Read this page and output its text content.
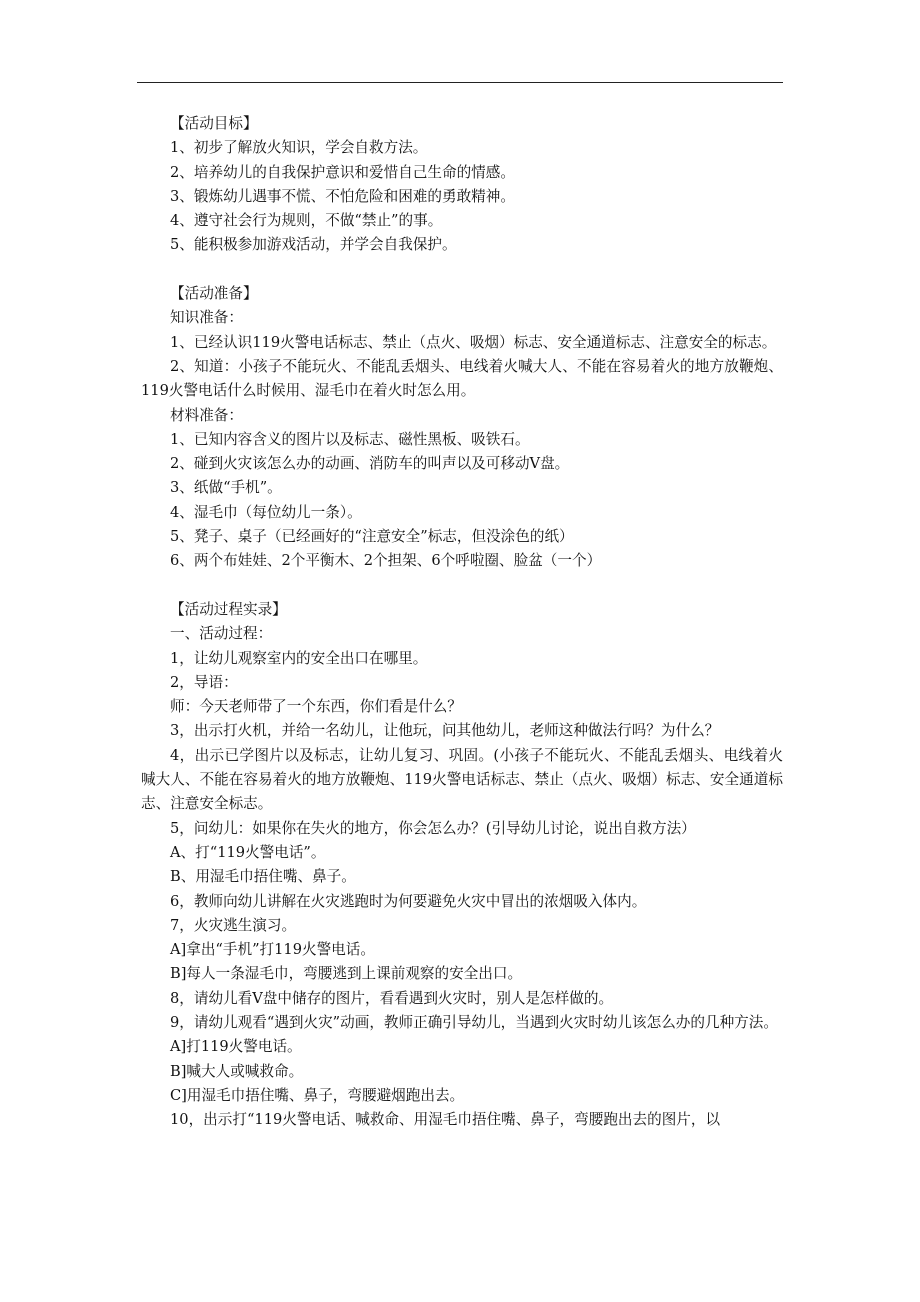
【活动目标】

1、初步了解放火知识，学会自救方法。

2、培养幼儿的自我保护意识和爱惜自己生命的情感。

3、锻炼幼儿遇事不慌、不怕危险和困难的勇敢精神。

4、遵守社会行为规则，不做“禁止”的事。

5、能积极参加游戏活动，并学会自我保护。

【活动准备】

知识准备：

1、已经认识119火警电话标志、禁止（点火、吸烟）标志、安全通道标志、注意安全的标志。

2、知道：小孩子不能玩火、不能乱丢烟头、电线着火喊大人、不能在容易着火的地方放鞭炮、119火警电话什么时候用、湿毛巾在着火时怎么用。

材料准备：

1、已知内容含义的图片以及标志、磁性黑板、吸铁石。

2、碰到火灾该怎么办的动画、消防车的叫声以及可移动V盘。

3、纸做“手机”。

4、湿毛巾（每位幼儿一条）。

5、凳子、桌子（已经画好的“注意安全”标志，但没涂色的纸）

6、两个布娃娃、2个平衡木、2个担架、6个呼啦圈、脸盆（一个）

【活动过程实录】

一、活动过程：

1，让幼儿观察室内的安全出口在哪里。

2，导语：

师：今天老师带了一个东西，你们看是什么？

3，出示打火机，并给一名幼儿，让他玩，问其他幼儿，老师这种做法行吗？为什么？

4，出示已学图片以及标志，让幼儿复习、巩固。(小孩子不能玩火、不能乱丢烟头、电线着火喊大人、不能在容易着火的地方放鞭炮、119火警电话标志、禁止（点火、吸烟）标志、安全通道标志、注意安全标志。

5，问幼儿：如果你在失火的地方，你会怎么办？(引导幼儿讨论，说出自救方法）

A、打“119火警电话”。

B、用湿毛巾捂住嘴、鼻子。

6，教师向幼儿讲解在火灾逃跑时为何要避免火灾中冒出的浓烟吸入体内。

7，火灾逃生演习。

A]拿出“手机”打119火警电话。

B]每人一条湿毛巾，弯腰逃到上课前观察的安全出口。

8，请幼儿看V盘中储存的图片，看看遇到火灾时，别人是怎样做的。

9，请幼儿观看“遇到火灾”动画，教师正确引导幼儿，当遇到火灾时幼儿该怎么办的几种方法。

A]打119火警电话。

B]喊大人或喊救命。

C]用湿毛巾捂住嘴、鼻子，弯腰避烟跑出去。

10，出示打“119火警电话、喊救命、用湿毛巾捂住嘴、鼻子，弯腰跑出去的图片，以
